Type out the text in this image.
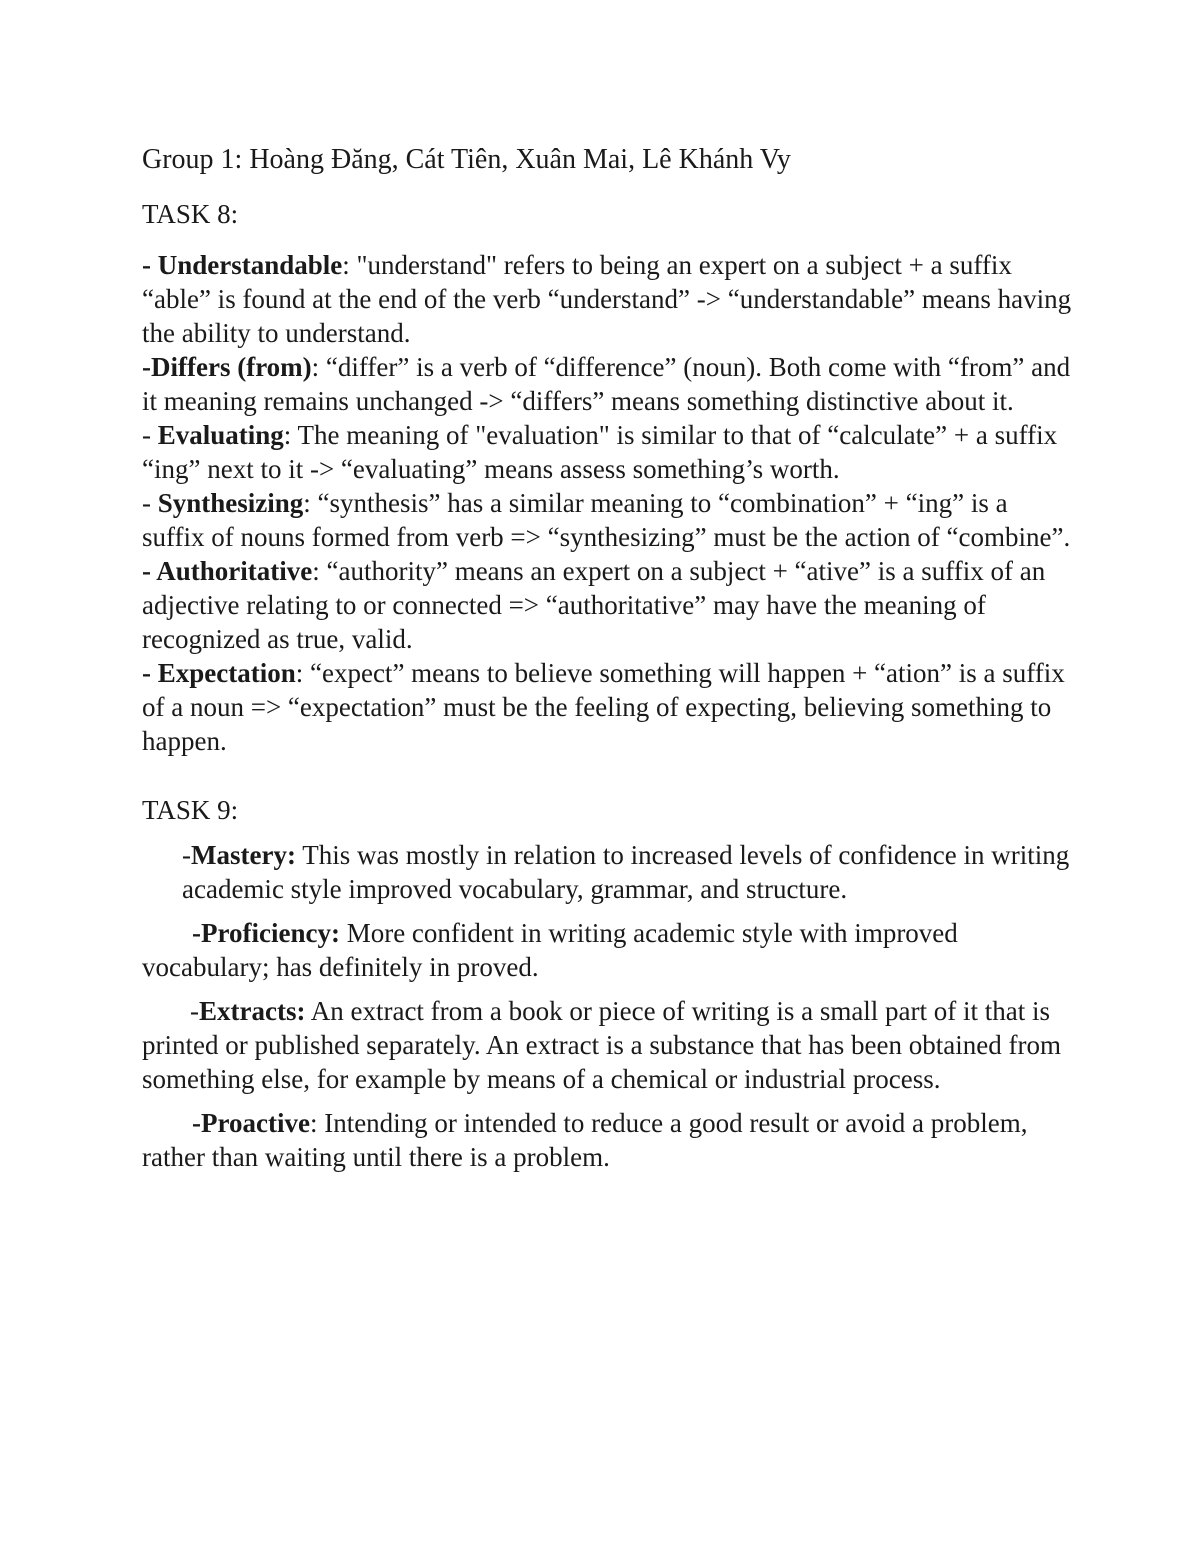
Group 1: Hoàng Đăng, Cát Tiên, Xuân Mai, Lê Khánh Vy

TASK 8:

- Understandable: "understand" refers to being an expert on a subject + a suffix “able” is found at the end of the verb “understand” -> “understandable” means having the ability to understand.

-Differs (from): “differ” is a verb of “difference” (noun). Both come with “from” and it meaning remains unchanged -> “differs” means something distinctive about it.

- Evaluating: The meaning of "evaluation" is similar to that of “calculate” + a suffix “ing” next to it -> “evaluating” means assess something’s worth.

- Synthesizing: “synthesis” has a similar meaning to “combination” + “ing” is a suffix of nouns formed from verb => “synthesizing” must be the action of “combine”.

- Authoritative: “authority” means an expert on a subject + “ative” is a suffix of an adjective relating to or connected => “authoritative” may have the meaning of recognized as true, valid.

- Expectation: “expect” means to believe something will happen + “ation” is a suffix of a noun => “expectation” must be the feeling of expecting, believing something to happen.

TASK 9:

-Mastery: This was mostly in relation to increased levels of confidence in writing academic style improved vocabulary, grammar, and structure.

-Proficiency: More confident in writing academic style with improved vocabulary; has definitely in proved.

-Extracts: An extract from a book or piece of writing is a small part of it that is printed or published separately. An extract is a substance that has been obtained from something else, for example by means of a chemical or industrial process.

-Proactive: Intending or intended to reduce a good result or avoid a problem, rather than waiting until there is a problem.
